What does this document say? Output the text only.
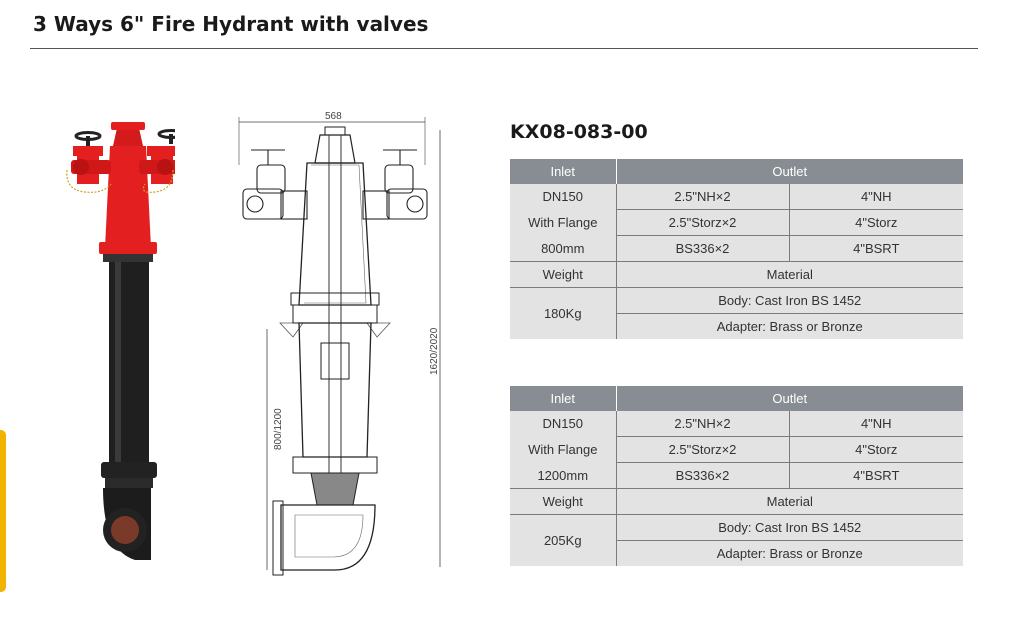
3 Ways 6" Fire Hydrant with valves
568
1620/2020
800/1200
KX08-083-00
Inlet	Outlet	
DN150	2.5"NH×2	4"NH
With Flange	2.5"Storz×2	4"Storz
800mm	BS336×2	4"BSRT
Weight	Material	
180Kg	Body: Cast Iron BS 1452	
	Adapter: Brass or Bronze	
Inlet	Outlet	
DN150	2.5"NH×2	4"NH
With Flange	2.5"Storz×2	4"Storz
1200mm	BS336×2	4"BSRT
Weight	Material	
205Kg	Body: Cast Iron BS 1452	
	Adapter: Brass or Bronze	
